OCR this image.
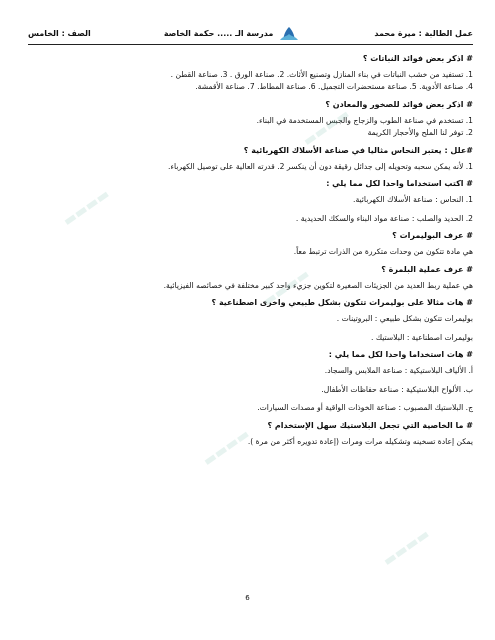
عمل الطالبة : ميرة محمد
مدرسة الـ ..... حكمة الخاصة
الصف : الخامس
# اذكر بعض فوائد النباتات ؟
1. تستفيد من خشب النباتات في بناء المنازل وتصنيع الأثاث. 2. صناعة الورق . 3. صناعة القطن .
4. صناعة الأدوية. 5. صناعة مستحضرات التجميل. 6. صناعة المطاط. 7. صناعة الأقمشة.
# اذكر بعض فوائد للصخور والمعادن ؟
1. تستخدم في صناعة الطوب والزجاج والجبس المستخدمة في البناء.
2. توفر لنا الملح والأحجار الكريمة
#علل : يعتبر النحاس مثاليا في صناعة الأسلاك الكهربائية ؟
1. لأنه يمكن سحبه وتحويله إلى جدائل رقيقة دون أن ينكسر 2. قدرته العالية على توصيل الكهرباء.
# اكتب استخداما واحدا لكل مما يلي :
1. النحاس : صناعة الأسلاك الكهربائية.
2. الحديد والصلب : صناعة مواد البناء والسكك الحديدية .
# عرف البوليمرات ؟
هي مادة تتكون من وحدات متكررة من الذرات ترتبط معاً.
# عرف عملية البلمرة ؟
هي عملية ربط العديد من الجزيئات الصغيرة لتكوين جزيء واحد كبير مختلفة في خصائصه الفيزيائية.
# هات مثالا على بوليمرات تتكون بشكل طبيعي واخرى اصطناعية ؟
بوليمرات تتكون بشكل طبيعي : البروتينات .
بوليمرات اصطناعية : البلاستيك .
# هات استخداما واحدا لكل مما يلي :
أ. الألياف البلاستيكية : صناعة الملابس والسجاد.
ب. الألواح البلاستيكية : صناعة حفاظات الأطفال.
ج. البلاستيك المصبوب : صناعة الخوذات الواقية أو مصدات السيارات.
# ما الخاصية التي تجعل البلاستيك سهل الإستخدام ؟
يمكن إعادة تسخينه وتشكيله مرات ومرات (إعادة تدويره أكثر من مرة ).
▬▬▬▬
▬▬▬▬
▬▬▬▬
▬▬▬▬
▬▬▬▬
6
